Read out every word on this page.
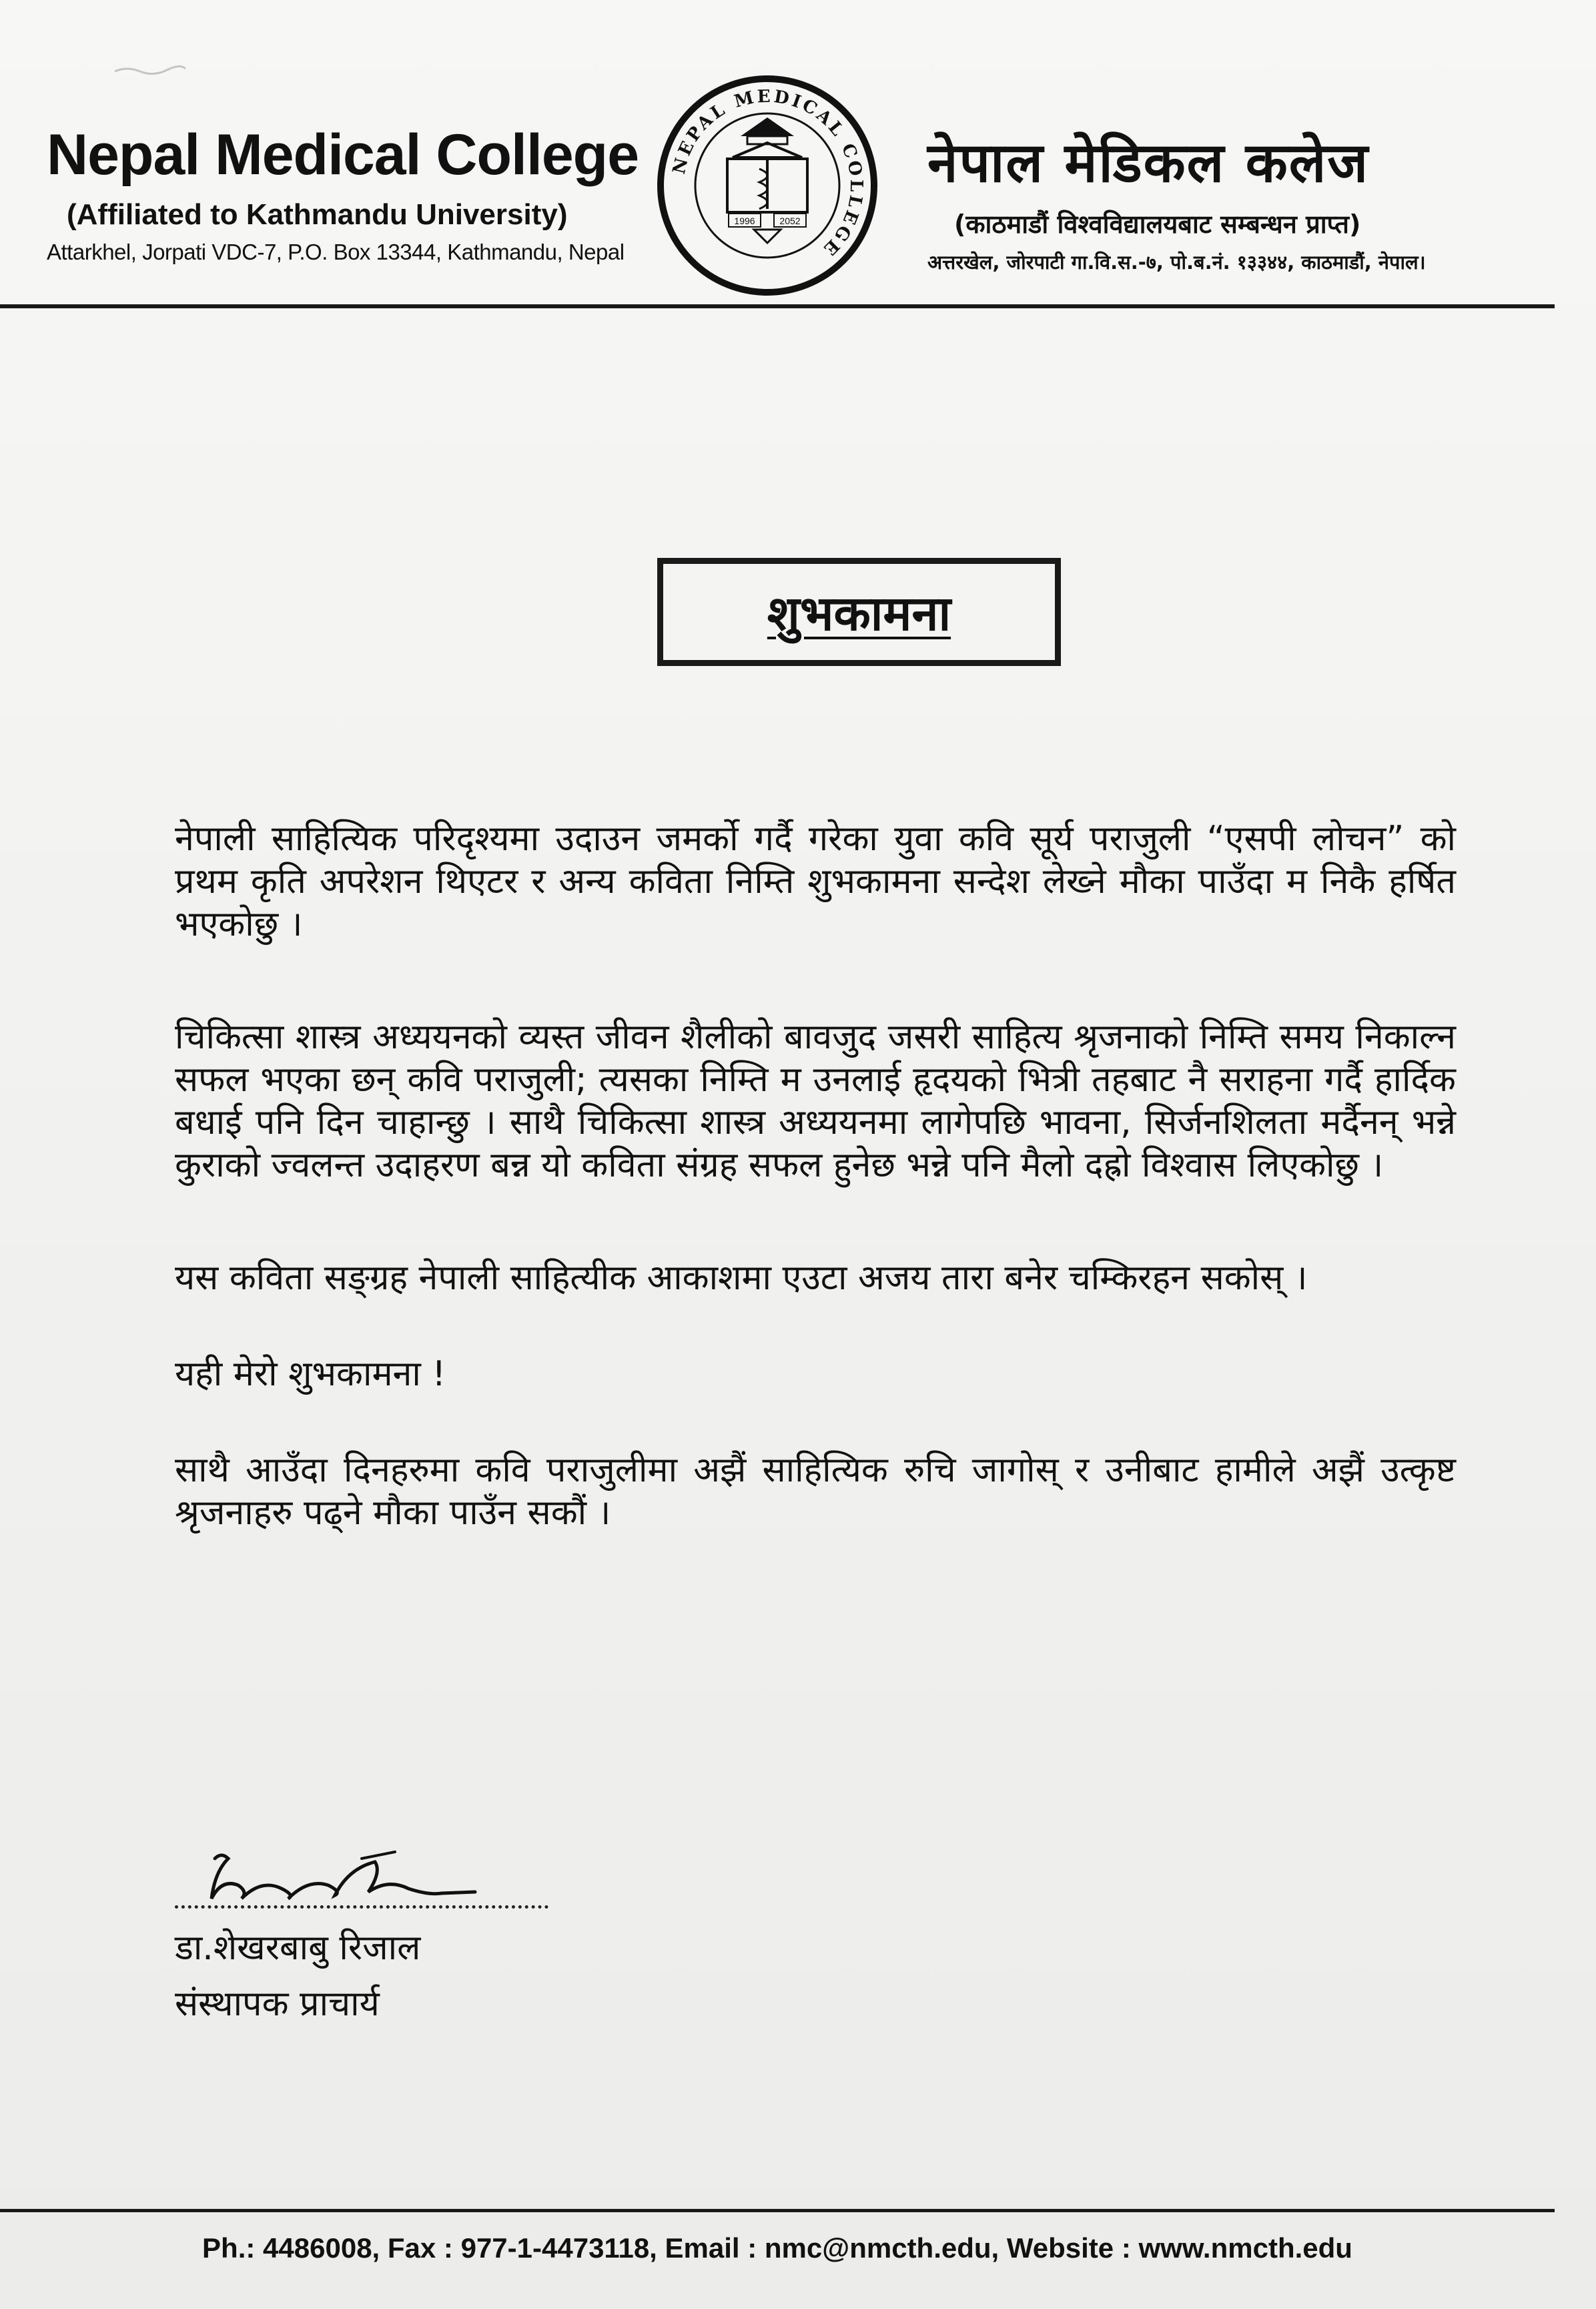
Nepal Medical College

(Affiliated to Kathmandu University)

Attarkhel, Jorpati VDC-7, P.O. Box 13344, Kathmandu, Nepal

NEPAL MEDICAL COLLEGE
1996	2052
नेपाल मेडिकल कलेज

(काठमाडौं विश्वविद्यालयबाट सम्बन्धन प्राप्त)

अत्तरखेल, जोरपाटी गा.वि.स.-७, पो.ब.नं. १३३४४, काठमाडौं, नेपाल।

शुभकामना

नेपाली साहित्यिक परिदृश्यमा उदाउन जमर्को गर्दै गरेका युवा कवि सूर्य पराजुली “एसपी लोचन” को प्रथम कृति अपरेशन थिएटर र अन्य कविता निम्ति शुभकामना सन्देश लेख्ने मौका पाउँदा म निकै हर्षित भएकोछु ।

चिकित्सा शास्त्र अध्ययनको व्यस्त जीवन शैलीको बावजुद जसरी साहित्य श्रृजनाको निम्ति समय निकाल्न सफल भएका छन् कवि पराजुली; त्यसका निम्ति म उनलाई हृदयको भित्री तहबाट नै सराहना गर्दै हार्दिक बधाई पनि दिन चाहान्छु । साथै चिकित्सा शास्त्र अध्ययनमा लागेपछि भावना, सिर्जनशिलता मर्दैनन् भन्ने कुराको ज्वलन्त उदाहरण बन्न यो कविता संग्रह सफल हुनेछ भन्ने पनि मैलो दह्रो विश्वास लिएकोछु ।

यस कविता सङ्ग्रह नेपाली साहित्यीक आकाशमा एउटा अजय तारा बनेर चम्किरहन सकोस् ।

यही मेरो शुभकामना !

साथै आउँदा दिनहरुमा कवि पराजुलीमा अझैं साहित्यिक रुचि जागोस् र उनीबाट हामीले अझैं उत्कृष्ट श्रृजनाहरु पढ्ने मौका पाउँन सकौं ।

डा.शेखरबाबु रिजाल

संस्थापक प्राचार्य

Ph.: 4486008, Fax : 977-1-4473118, Email : nmc@nmcth.edu, Website : www.nmcth.edu
